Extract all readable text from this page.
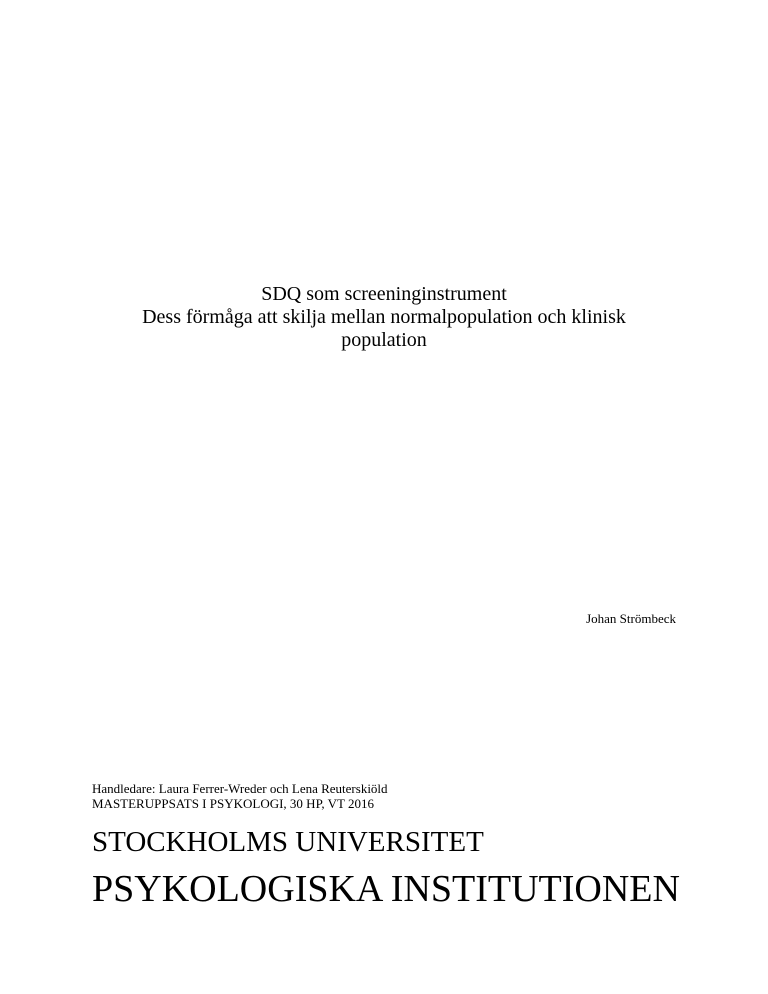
SDQ som screeninginstrument
Dess förmåga att skilja mellan normalpopulation och klinisk
population
Johan Strömbeck
Handledare: Laura Ferrer-Wreder och Lena Reuterskiöld
MASTERUPPSATS I PSYKOLOGI, 30 HP, VT 2016
STOCKHOLMS UNIVERSITET
PSYKOLOGISKA INSTITUTIONEN
